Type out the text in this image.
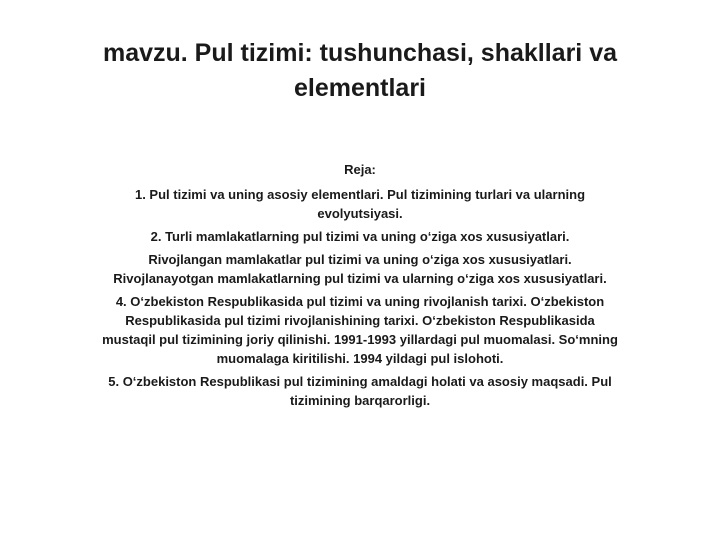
mavzu. Pul tizimi: tushunchasi, shakllari va elementlari

Reja:

1. Pul tizimi va uning asosiy elementlari. Pul tizimining turlari va ularning evolyutsiyasi.

2. Turli mamlakatlarning pul tizimi va uning o‘ziga xos xususiyatlari.

Rivojlangan mamlakatlar pul tizimi va uning o‘ziga xos xususiyatlari. Rivojlanayotgan mamlakatlarning pul tizimi va ularning o‘ziga xos xususiyatlari.

4. O‘zbekiston Respublikasida pul tizimi va uning rivojlanish tarixi. O‘zbekiston Respublikasida pul tizimi rivojlanishining tarixi. O‘zbekiston Respublikasida mustaqil pul tizimining joriy qilinishi. 1991-1993 yillardagi pul muomalasi. So‘mning muomalaga kiritilishi. 1994 yildagi pul islohoti.

5. O‘zbekiston Respublikasi pul tizimining amaldagi holati va asosiy maqsadi. Pul tizimining barqarorligi.
